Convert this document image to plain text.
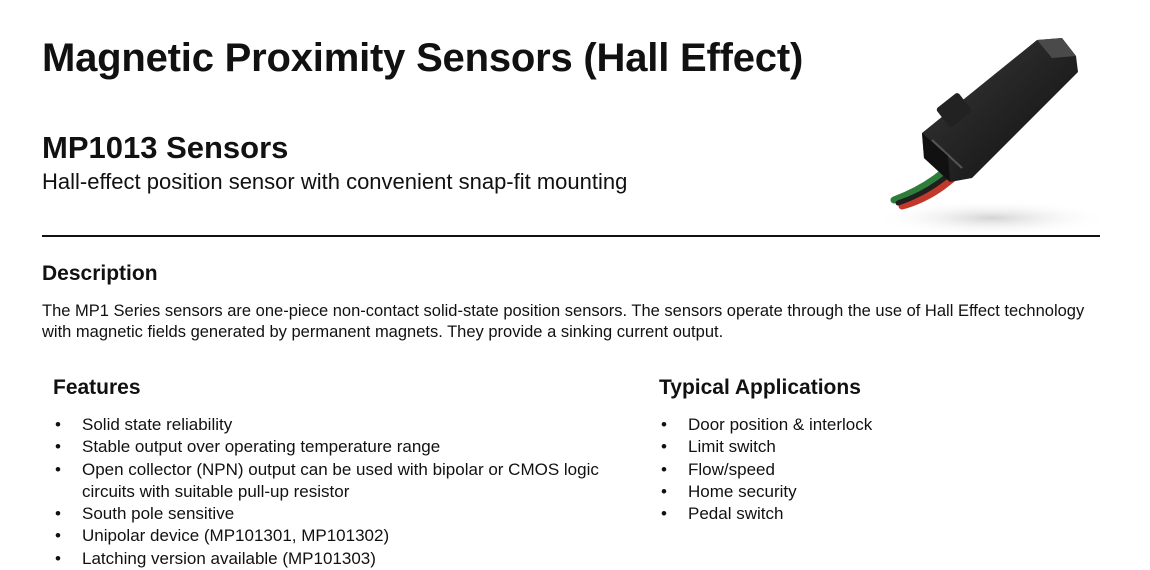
Magnetic Proximity Sensors (Hall Effect)
MP1013 Sensors

Hall-effect position sensor with convenient snap-fit mounting

Description

The MP1 Series sensors are one-piece non-contact solid-state position sensors. The sensors operate through the use of Hall Effect technology with magnetic fields generated by permanent magnets. They provide a sinking current output.

Features
• Solid state reliability
• Stable output over operating temperature range
• Open collector (NPN) output can be used with bipolar or CMOS logic circuits with suitable pull-up resistor
• South pole sensitive
• Unipolar device (MP101301, MP101302)
• Latching version available (MP101303)
Typical Applications
• Door position & interlock
• Limit switch
• Flow/speed
• Home security
• Pedal switch
